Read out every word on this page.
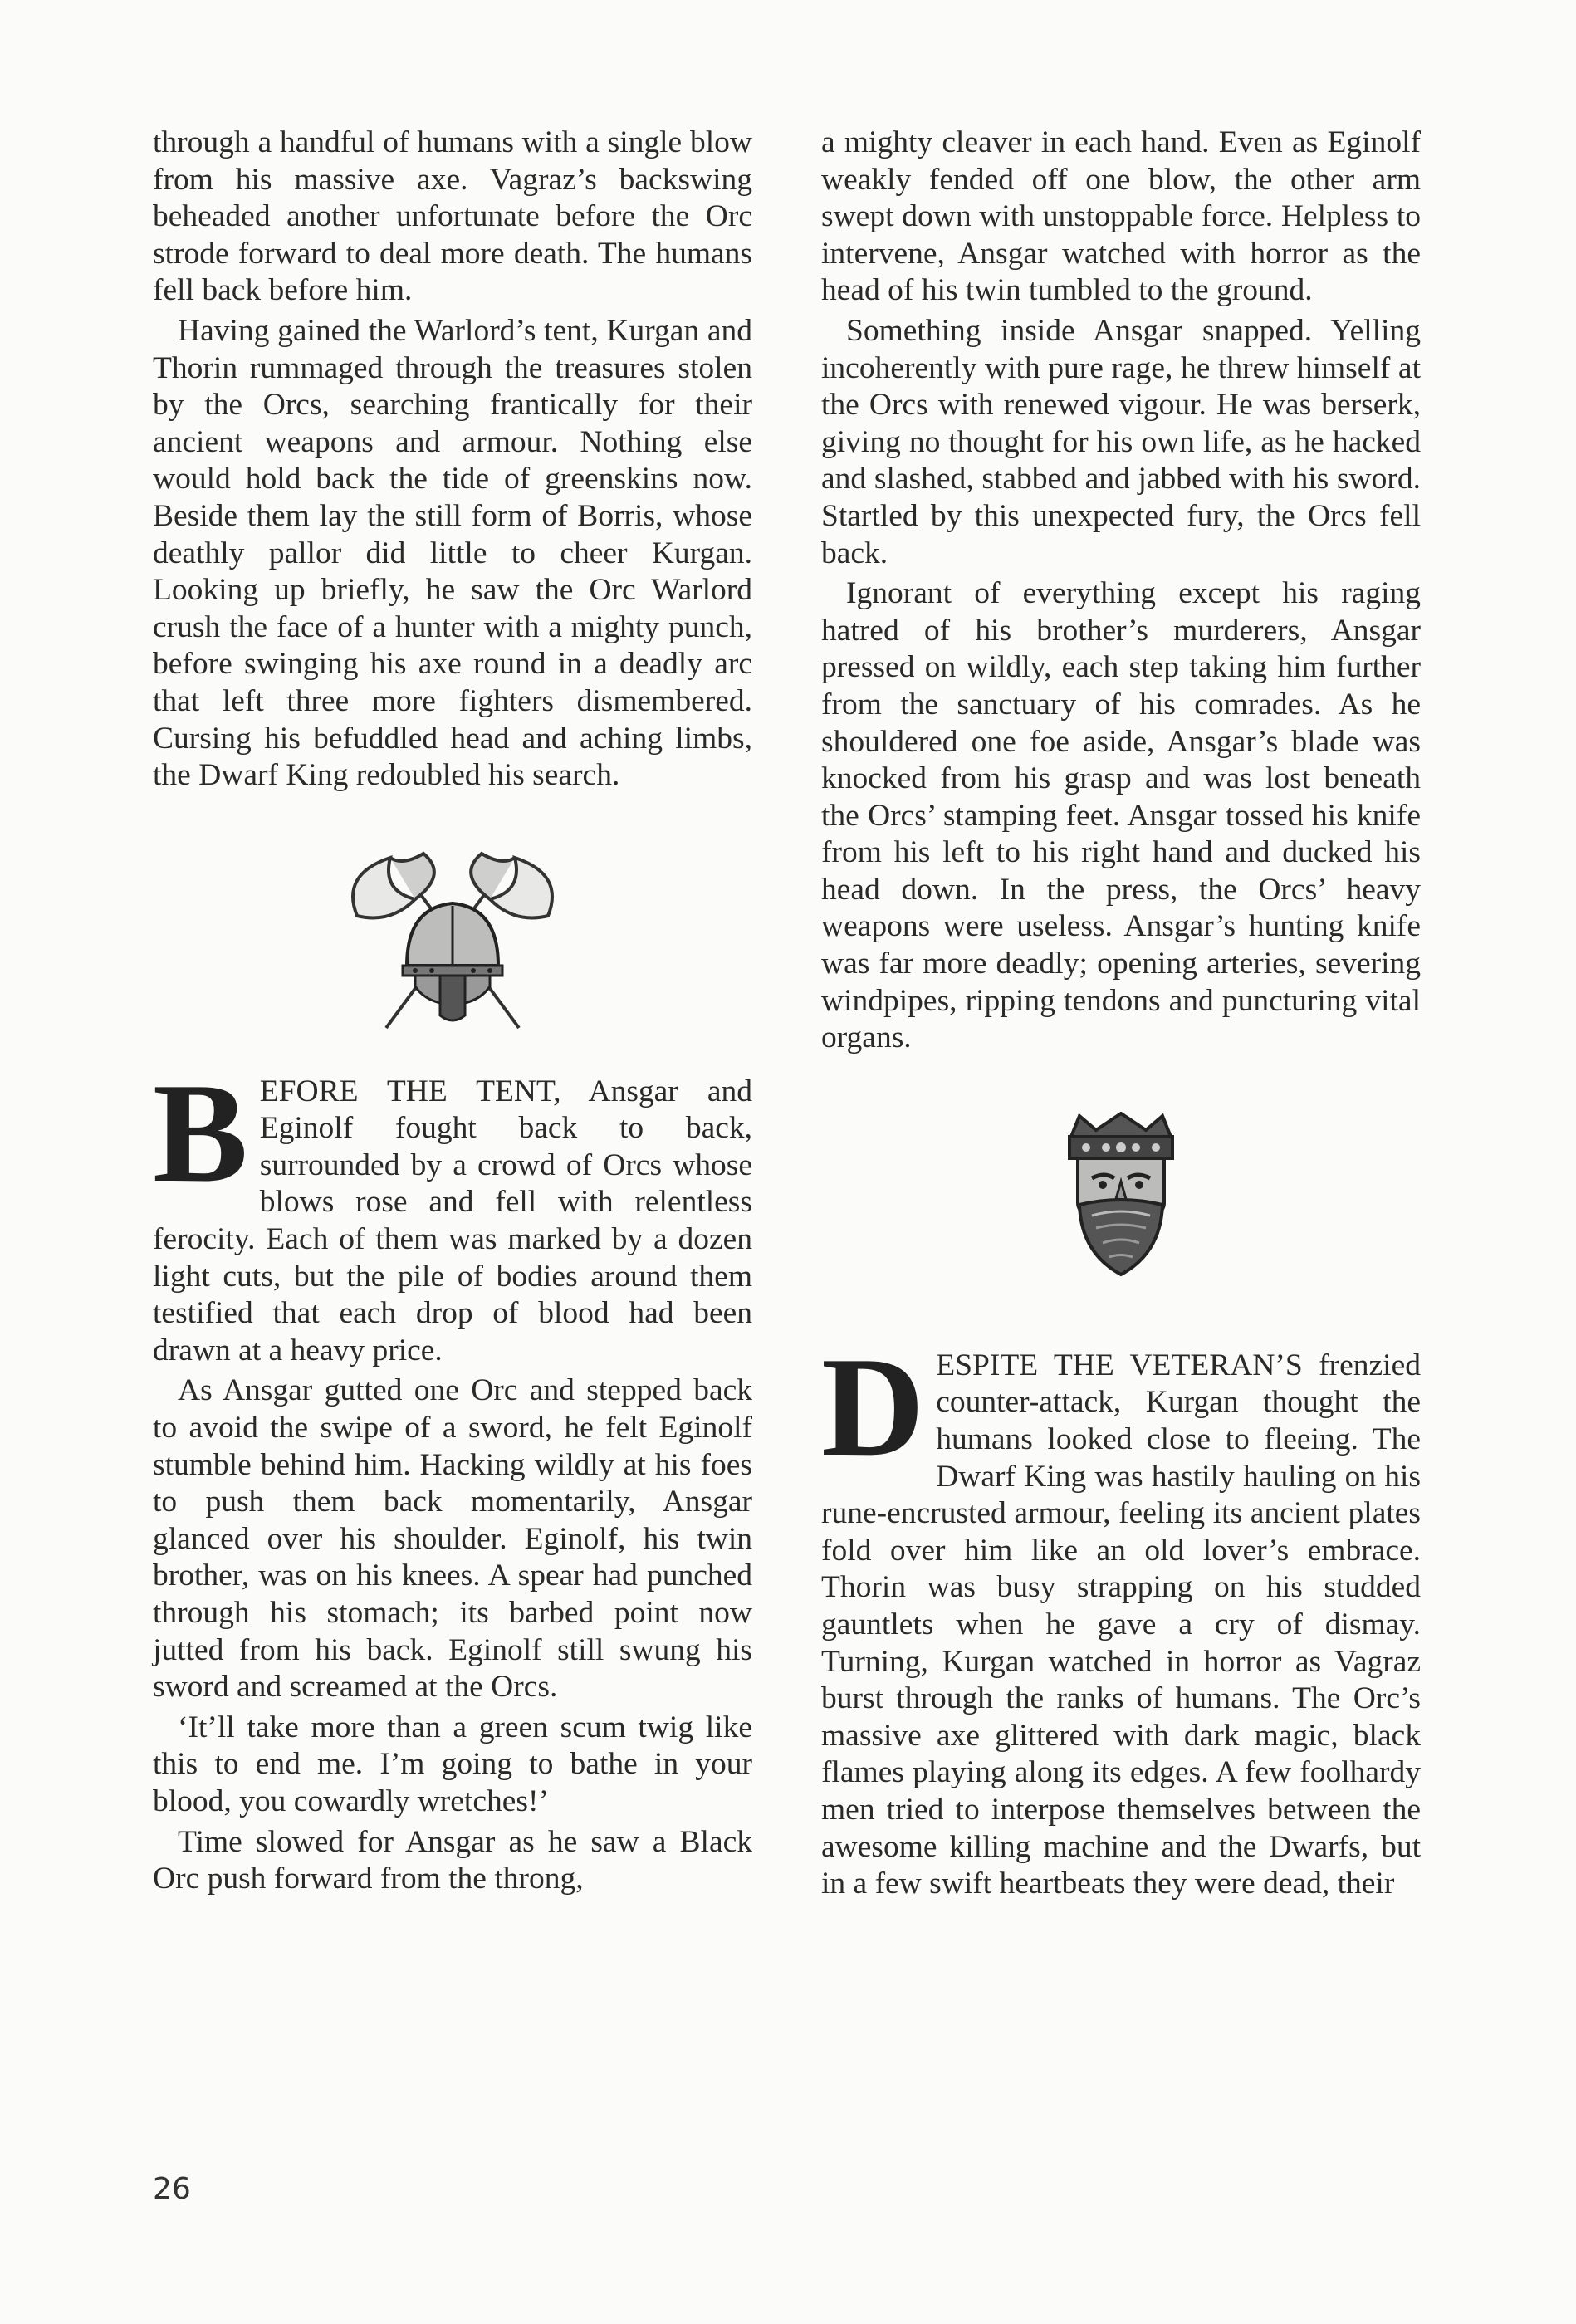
through a handful of humans with a single blow from his massive axe. Vagraz’s backswing beheaded another unfortunate before the Orc strode forward to deal more death. The humans fell back before him.

Having gained the Warlord’s tent, Kurgan and Thorin rummaged through the treasures stolen by the Orcs, searching frantically for their ancient weapons and armour. Nothing else would hold back the tide of greenskins now. Beside them lay the still form of Borris, whose deathly pallor did little to cheer Kurgan. Looking up briefly, he saw the Orc Warlord crush the face of a hunter with a mighty punch, before swinging his axe round in a deadly arc that left three more fighters dismembered. Cursing his befuddled head and aching limbs, the Dwarf King redoubled his search.

BEFORE THE TENT, Ansgar and Eginolf fought back to back, surrounded by a crowd of Orcs whose blows rose and fell with relentless ferocity. Each of them was marked by a dozen light cuts, but the pile of bodies around them testified that each drop of blood had been drawn at a heavy price.

As Ansgar gutted one Orc and stepped back to avoid the swipe of a sword, he felt Eginolf stumble behind him. Hacking wildly at his foes to push them back momentarily, Ansgar glanced over his shoulder. Eginolf, his twin brother, was on his knees. A spear had punched through his stomach; its barbed point now jutted from his back. Eginolf still swung his sword and screamed at the Orcs.

‘It’ll take more than a green scum twig like this to end me. I’m going to bathe in your blood, you cowardly wretches!’

Time slowed for Ansgar as he saw a Black Orc push forward from the throng,

a mighty cleaver in each hand. Even as Eginolf weakly fended off one blow, the other arm swept down with unstoppable force. Helpless to intervene, Ansgar watched with horror as the head of his twin tumbled to the ground.

Something inside Ansgar snapped. Yelling incoherently with pure rage, he threw himself at the Orcs with renewed vigour. He was berserk, giving no thought for his own life, as he hacked and slashed, stabbed and jabbed with his sword. Startled by this unexpected fury, the Orcs fell back.

Ignorant of everything except his raging hatred of his brother’s murderers, Ansgar pressed on wildly, each step taking him further from the sanctuary of his comrades. As he shouldered one foe aside, Ansgar’s blade was knocked from his grasp and was lost beneath the Orcs’ stamping feet. Ansgar tossed his knife from his left to his right hand and ducked his head down. In the press, the Orcs’ heavy weapons were useless. Ansgar’s hunting knife was far more deadly; opening arteries, severing windpipes, ripping tendons and puncturing vital organs.

DESPITE THE VETERAN’S frenzied counter-attack, Kurgan thought the humans looked close to fleeing. The Dwarf King was hastily hauling on his rune-encrusted armour, feeling its ancient plates fold over him like an old lover’s embrace. Thorin was busy strapping on his studded gauntlets when he gave a cry of dismay. Turning, Kurgan watched in horror as Vagraz burst through the ranks of humans. The Orc’s massive axe glittered with dark magic, black flames playing along its edges. A few foolhardy men tried to interpose themselves between the awesome killing machine and the Dwarfs, but in a few swift heartbeats they were dead, their

26
